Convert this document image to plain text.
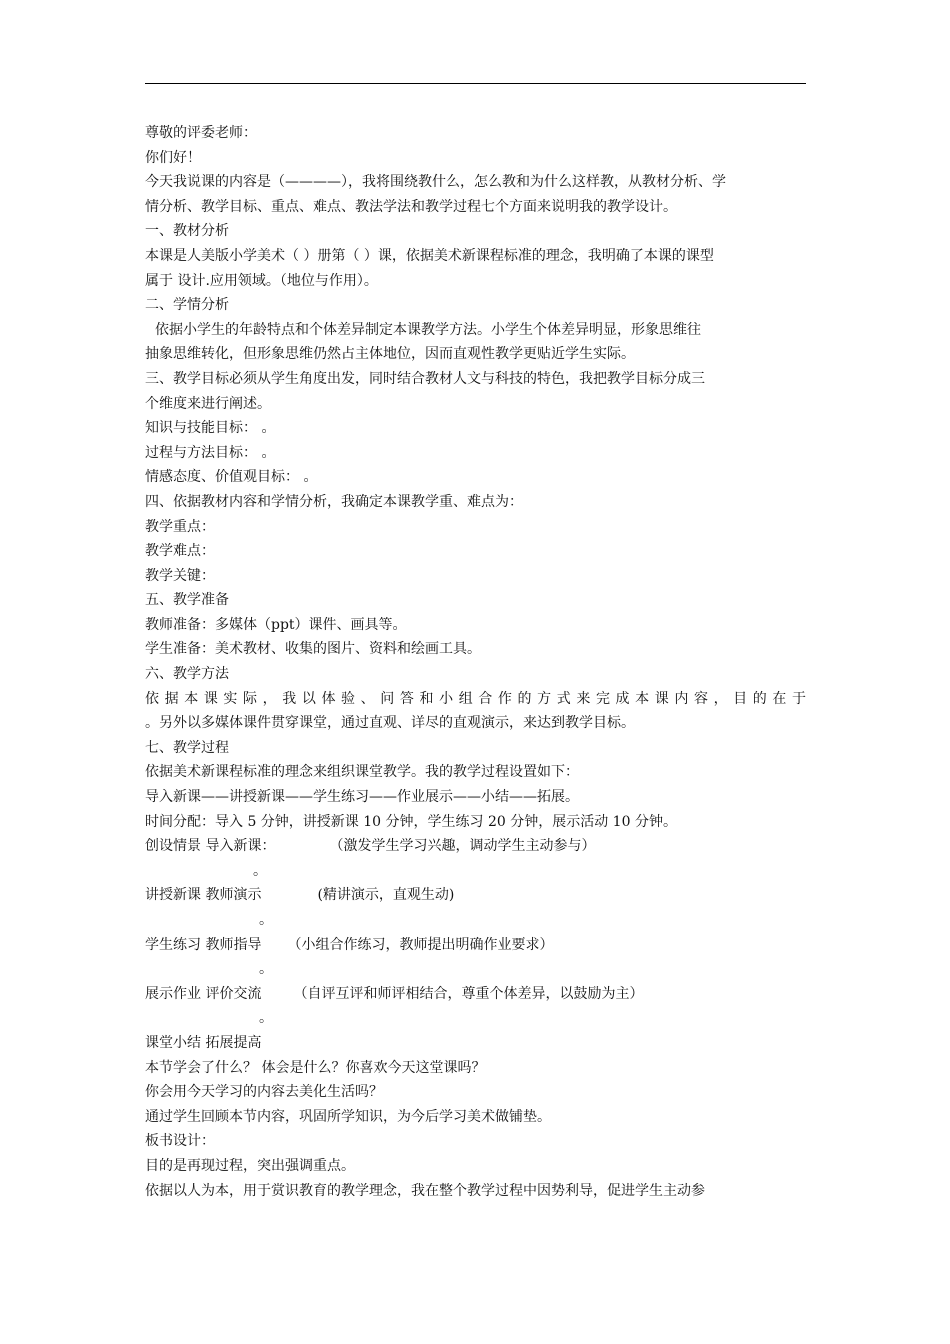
尊敬的评委老师：
你们好！
今天我说课的内容是（————），我将围绕教什么，怎么教和为什么这样教，从教材分析、学
情分析、教学目标、重点、难点、教法学法和教学过程七个方面来说明我的教学设计。
一、教材分析
本课是人美版小学美术（ ）册第（ ）课，依据美术新课程标准的理念，我明确了本课的课型
属于 设计.应用领域。（地位与作用）。
二、学情分析
依据小学生的年龄特点和个体差异制定本课教学方法。小学生个体差异明显，形象思维往
抽象思维转化，但形象思维仍然占主体地位，因而直观性教学更贴近学生实际。
三、教学目标必须从学生角度出发，同时结合教材人文与科技的特色，我把教学目标分成三
个维度来进行阐述。
知识与技能目标： 。
过程与方法目标： 。
情感态度、价值观目标： 。
四、依据教材内容和学情分析，我确定本课教学重、难点为：
教学重点：
教学难点：
教学关键：
五、教学准备
教师准备：多媒体（ppt）课件、画具等。
学生准备：美术教材、收集的图片、资料和绘画工具。
六、教学方法
依据本课实际，我以体验、问答和小组合作的方式来完成本课内容，目的在于
。另外以多媒体课件贯穿课堂，通过直观、详尽的直观演示，来达到教学目标。
七、教学过程
依据美术新课程标准的理念来组织课堂教学。我的教学过程设置如下：
导入新课——讲授新课——学生练习——作业展示——小结——拓展。
时间分配：导入 5 分钟，讲授新课 10 分钟，学生练习 20 分钟，展示活动 10 分钟。
创设情景 导入新课：	（激发学生学习兴趣，调动学生主动参与）
。
讲授新课 教师演示	(精讲演示，直观生动)
。
学生练习 教师指导 （小组合作练习，教师提出明确作业要求）
。
展示作业 评价交流 （自评互评和师评相结合，尊重个体差异，以鼓励为主）
。
课堂小结 拓展提高
本节学会了什么？ 体会是什么？你喜欢今天这堂课吗？
你会用今天学习的内容去美化生活吗？
通过学生回顾本节内容，巩固所学知识，为今后学习美术做铺垫。
板书设计：
目的是再现过程，突出强调重点。
依据以人为本，用于赏识教育的教学理念，我在整个教学过程中因势利导，促进学生主动参
